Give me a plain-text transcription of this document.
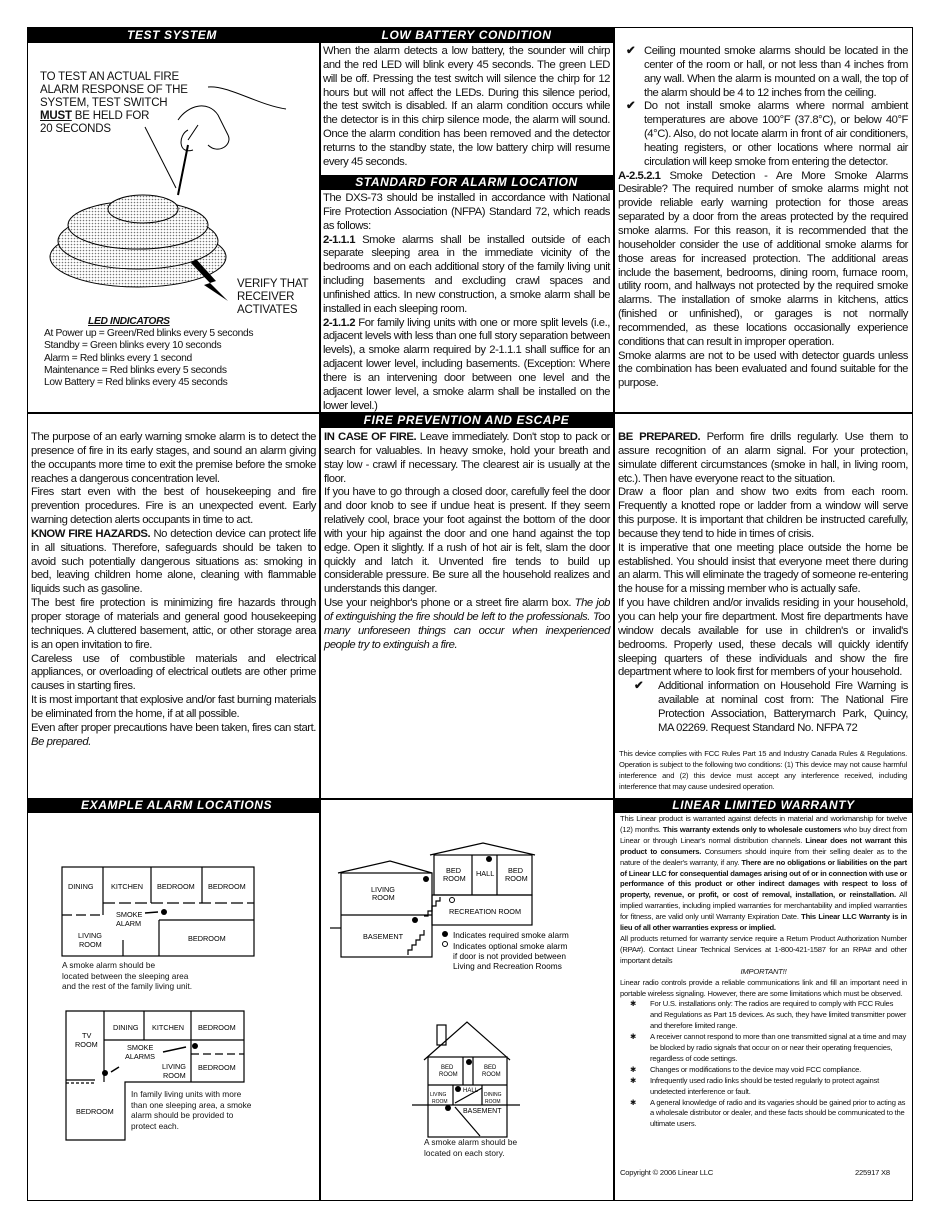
TEST SYSTEM	LOW BATTERY CONDITION
STANDARD FOR ALARM LOCATION
FIRE PREVENTION AND ESCAPE
EXAMPLE ALARM LOCATIONS	LINEAR LIMITED WARRANTY
TO TEST AN ACTUAL FIRE
ALARM RESPONSE OF THE
SYSTEM, TEST SWITCH
MUST BE HELD FOR
20 SECONDS
VERIFY THAT
RECEIVER
ACTIVATES
LED INDICATORS
At Power up = Green/Red blinks every 5 seconds
Standby = Green blinks every 10 seconds
Alarm = Red blinks every 1 second
Maintenance = Red blinks every 5 seconds
Low Battery = Red blinks every 45 seconds

When the alarm detects a low battery, the sounder will chirp and the red LED will blink every 45 seconds. The green LED will be off. Pressing the test switch will silence the chirp for 12 hours but will not affect the LEDs. During this silence period, the test switch is disabled. If an alarm condition occurs while the detector is in this chirp silence mode, the alarm will sound. Once the alarm condition has been removed and the detector returns to the standby state, the low battery chirp will resume every 45 seconds.

The DXS-73 should be installed in accordance with National Fire Protection Association (NFPA) Standard 72, which reads as follows:

2-1.1.1 Smoke alarms shall be installed outside of each separate sleeping area in the immediate vicinity of the bedrooms and on each additional story of the family living unit including basements and excluding crawl spaces and unfinished attics. In new construction, a smoke alarm shall be installed in each sleeping room.

2-1.1.2 For family living units with one or more split levels (i.e., adjacent levels with less than one full story separation between levels), a smoke alarm required by 2-1.1.1 shall suffice for an adjacent lower level, including basements. (Exception: Where there is an intervening door between one level and the adjacent lower level, a smoke alarm shall be installed on the lower level.)

✔ Ceiling mounted smoke alarms should be located in the center of the room or hall, or not less than 4 inches from any wall. When the alarm is mounted on a wall, the top of the alarm should be 4 to 12 inches from the ceiling.

✔ Do not install smoke alarms where normal ambient temperatures are above 100°F (37.8°C), or below 40°F (4°C). Also, do not locate alarm in front of air conditioners, heating registers, or other locations where normal air circulation will keep smoke from entering the detector.

A-2.5.2.1 Smoke Detection - Are More Smoke Alarms Desirable? The required number of smoke alarms might not provide reliable early warning protection for those areas separated by a door from the areas protected by the required smoke alarms. For this reason, it is recommended that the householder consider the use of additional smoke alarms for those areas for increased protection. The additional areas include the basement, bedrooms, dining room, furnace room, utility room, and hallways not protected by the required smoke alarms. The installation of smoke alarms in kitchens, attics (finished or unfinished), or garages is not normally recommended, as these locations occasionally experience conditions that can result in improper operation.

Smoke alarms are not to be used with detector guards unless the combination has been evaluated and found suitable for the purpose.

The purpose of an early warning smoke alarm is to detect the presence of fire in its early stages, and sound an alarm giving the occupants more time to exit the premise before the smoke reaches a dangerous concentration level.

Fires start even with the best of housekeeping and fire prevention procedures. Fire is an unexpected event. Early warning detection alerts occupants in time to act.

KNOW FIRE HAZARDS. No detection device can protect life in all situations. Therefore, safeguards should be taken to avoid such potentially dangerous situations as: smoking in bed, leaving children home alone, cleaning with flammable liquids such as gasoline.

The best fire protection is minimizing fire hazards through proper storage of materials and general good housekeeping techniques. A cluttered basement, attic, or other storage area is an open invitation to fire.

Careless use of combustible materials and electrical appliances, or overloading of electrical outlets are other prime causes in starting fires.

It is most important that explosive and/or fast burning materials be eliminated from the home, if at all possible.

Even after proper precautions have been taken, fires can start. Be prepared.

IN CASE OF FIRE. Leave immediately. Don't stop to pack or search for valuables. In heavy smoke, hold your breath and stay low - crawl if necessary. The clearest air is usually at the floor.

If you have to go through a closed door, carefully feel the door and door knob to see if undue heat is present. If they seem relatively cool, brace your foot against the bottom of the door with your hip against the door and one hand against the top edge. Open it slightly. If a rush of hot air is felt, slam the door quickly and latch it. Unvented fire tends to build up considerable pressure. Be sure all the household realizes and understands this danger.

Use your neighbor's phone or a street fire alarm box. The job of extinguishing the fire should be left to the professionals. Too many unforeseen things can occur when inexperienced people try to extinguish a fire.

BE PREPARED. Perform fire drills regularly. Use them to assure recognition of an alarm signal. For your protection, simulate different circumstances (smoke in hall, in living room, etc.). Then have everyone react to the situation.

Draw a floor plan and show two exits from each room. Frequently a knotted rope or ladder from a window will serve this purpose. It is important that children be instructed carefully, because they tend to hide in times of crisis.

It is imperative that one meeting place outside the home be established. You should insist that everyone meet there during an alarm. This will eliminate the tragedy of someone re-entering the house for a missing member who is actually safe.

If you have children and/or invalids residing in your household, you can help your fire department. Most fire departments have window decals available for use in children's or invalid's bedrooms. Properly used, these decals will quickly identify sleeping quarters of these individuals and show the fire department where to look first for members of your household.

✔ Additional information on Household Fire Warning is available at nominal cost from: The National Fire Protection Association, Batterymarch Park, Quincy, MA 02269. Request Standard No. NFPA 72

This device complies with FCC Rules Part 15 and Industry Canada Rules & Regulations. Operation is subject to the following two conditions: (1) This device may not cause harmful interference and (2) this device must accept any interference received, including interference that may cause undesired operation.

DINING KITCHEN BEDROOM BEDROOM
SMOKE
ALARM
LIVING
ROOM
BEDROOM
BED
ROOM
HALL BED
ROOM
LIVING
ROOM
RECREATION ROOM
BASEMENT	Indicates required smoke alarm
Indicates optional smoke alarm
if door is not provided between
Living and Recreation Rooms
DINING KITCHEN BEDROOM
TV
ROOM	SMOKE
ALARMS
LIVING
ROOM
BEDROOM
BEDROOM
BED
ROOM
BED
ROOM
LIVING
ROOM
HALL
DINING
ROOM
BASEMENT
A smoke alarm should be
located between the sleeping area
and the rest of the family living unit.
In family living units with more
than one sleeping area, a smoke
alarm should be provided to
protect each.
A smoke alarm should be
located on each story.

This Linear product is warranted against defects in material and workmanship for twelve (12) months. This warranty extends only to wholesale customers who buy direct from Linear or through Linear's normal distribution channels. Linear does not warrant this product to consumers. Consumers should inquire from their selling dealer as to the nature of the dealer's warranty, if any. There are no obligations or liabilities on the part of Linear LLC for consequential damages arising out of or in connection with use or performance of this product or other indirect damages with respect to loss of property, revenue, or profit, or cost of removal, installation, or reinstallation. All implied warranties, including implied warranties for merchantability and implied warranties for fitness, are valid only until Warranty Expiration Date. This Linear LLC Warranty is in lieu of all other warranties express or implied.

All products returned for warranty service require a Return Product Authorization Number (RPA#). Contact Linear Technical Services at 1-800-421-1587 for an RPA# and other important details

IMPORTANT!!

Linear radio controls provide a reliable communications link and fill an important need in portable wireless signaling. However, there are some limitations which must be observed.

✱ For U.S. installations only: The radios are required to comply with FCC Rules and Regulations as Part 15 devices. As such, they have limited transmitter power and therefore limited range.

✱ A receiver cannot respond to more than one transmitted signal at a time and may be blocked by radio signals that occur on or near their operating frequencies, regardless of code settings.

✱ Changes or modifications to the device may void FCC compliance.

✱ Infrequently used radio links should be tested regularly to protect against undetected interference or fault.

✱ A general knowledge of radio and its vagaries should be gained prior to acting as a wholesale distributor or dealer, and these facts should be communicated to the ultimate users.

Copyright © 2006 Linear LLC	225917 X8
